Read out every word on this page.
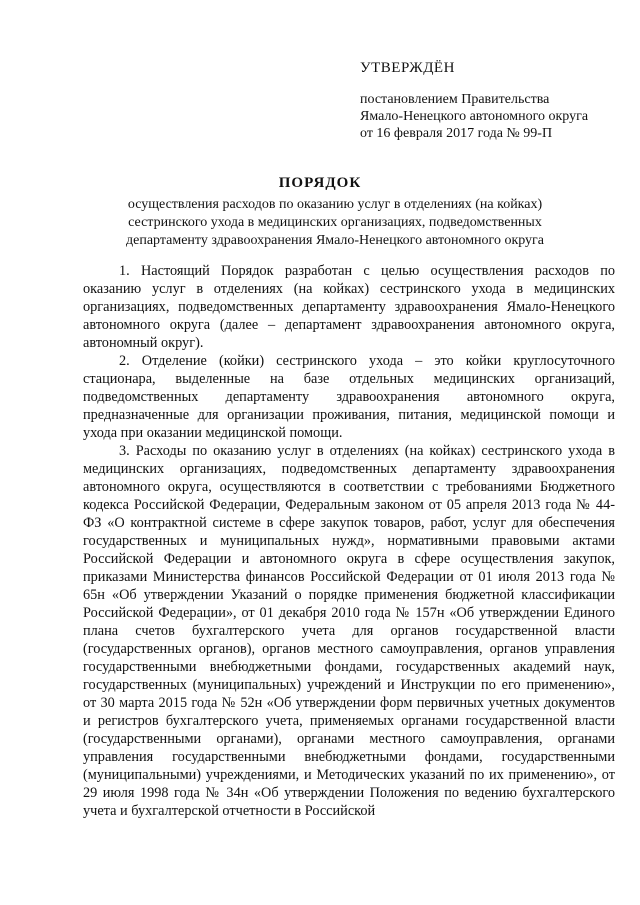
УТВЕРЖДЁН
постановлением Правительства
Ямало-Ненецкого автономного округа
от 16 февраля 2017 года № 99-П
ПОРЯДОК
осуществления расходов по оказанию услуг в отделениях (на койках) сестринского ухода в медицинских организациях, подведомственных департаменту здравоохранения Ямало-Ненецкого автономного округа

1. Настоящий Порядок разработан с целью осуществления расходов по оказанию услуг в отделениях (на койках) сестринского ухода в медицинских организациях, подведомственных департаменту здравоохранения Ямало-Ненецкого автономного округа (далее – департамент здравоохранения автономного округа, автономный округ).

2. Отделение (койки) сестринского ухода – это койки круглосуточного стационара, выделенные на базе отдельных медицинских организаций, подведомственных департаменту здравоохранения автономного округа, предназначенные для организации проживания, питания, медицинской помощи и ухода при оказании медицинской помощи.

3. Расходы по оказанию услуг в отделениях (на койках) сестринского ухода в медицинских организациях, подведомственных департаменту здравоохранения автономного округа, осуществляются в соответствии с требованиями Бюджетного кодекса Российской Федерации, Федеральным законом от 05 апреля 2013 года № 44-ФЗ «О контрактной системе в сфере закупок товаров, работ, услуг для обеспечения государственных и муниципальных нужд», нормативными правовыми актами Российской Федерации и автономного округа в сфере осуществления закупок, приказами Министерства финансов Российской Федерации от 01 июля 2013 года № 65н «Об утверждении Указаний о порядке применения бюджетной классификации Российской Федерации», от 01 декабря 2010 года № 157н «Об утверждении Единого плана счетов бухгалтерского учета для органов государственной власти (государственных органов), органов местного самоуправления, органов управления государственными внебюджетными фондами, государственных академий наук, государственных (муниципальных) учреждений и Инструкции по его применению», от 30 марта 2015 года № 52н «Об утверждении форм первичных учетных документов и регистров бухгалтерского учета, применяемых органами государственной власти (государственными органами), органами местного самоуправления, органами управления государственными внебюджетными фондами, государственными (муниципальными) учреждениями, и Методических указаний по их применению», от 29 июля 1998 года № 34н «Об утверждении Положения по ведению бухгалтерского учета и бухгалтерской отчетности в Российской
